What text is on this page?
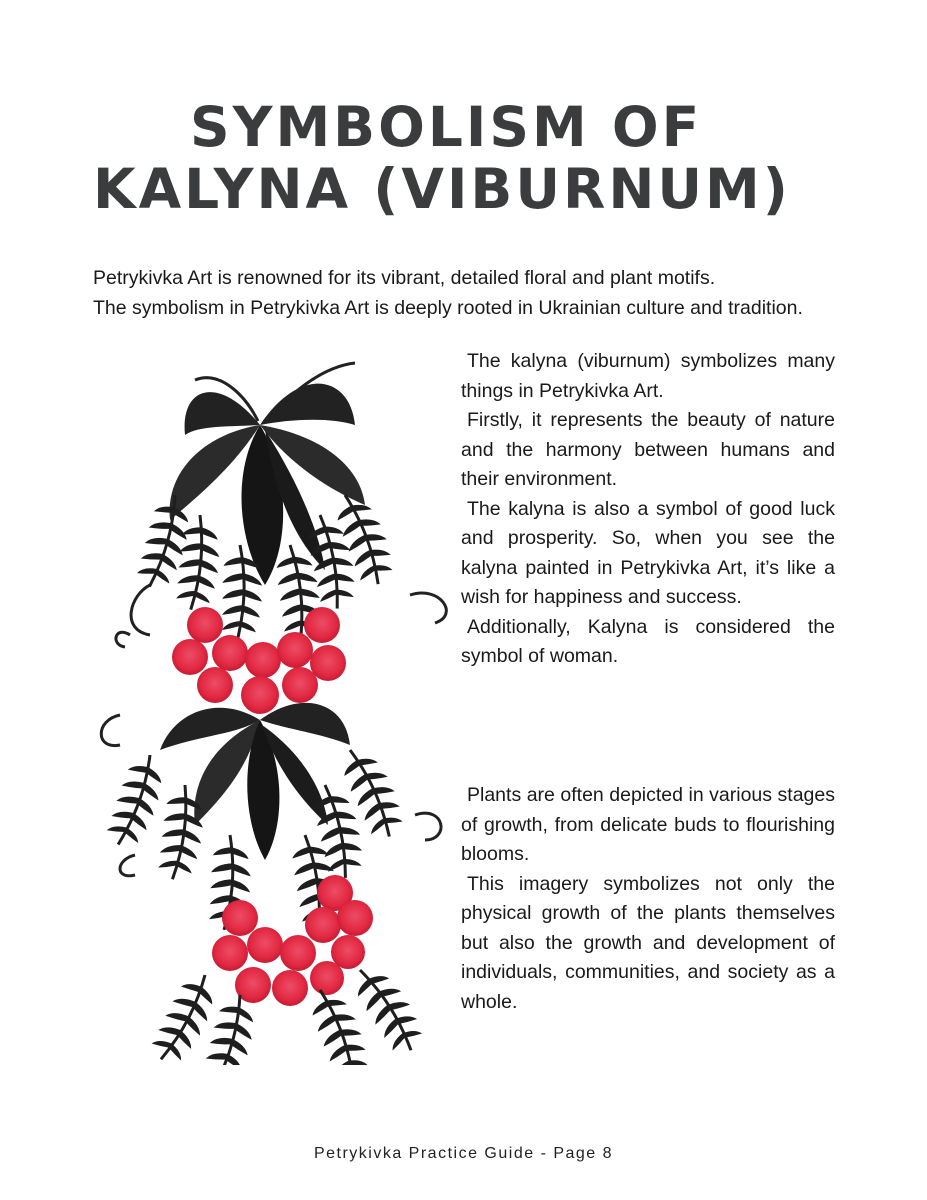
SYMBOLISM OF
KALYNA (VIBURNUM)

Petrykivka Art is renowned for its vibrant, detailed floral and plant motifs.

The symbolism in Petrykivka Art is deeply rooted in Ukrainian culture and tradition.

The kalyna (viburnum) symbolizes many things in Petrykivka Art.

Firstly, it represents the beauty of nature and the harmony between humans and their environment.

The kalyna is also a symbol of good luck and prosperity. So, when you see the kalyna painted in Petrykivka Art, it’s like a wish for happiness and success.

Additionally, Kalyna is considered the symbol of woman.

Plants are often depicted in various stages of growth, from delicate buds to flourishing blooms.

This imagery symbolizes not only the physical growth of the plants themselves but also the growth and development of individuals, communities, and society as a whole.

Petrykivka Practice Guide - Page 8
